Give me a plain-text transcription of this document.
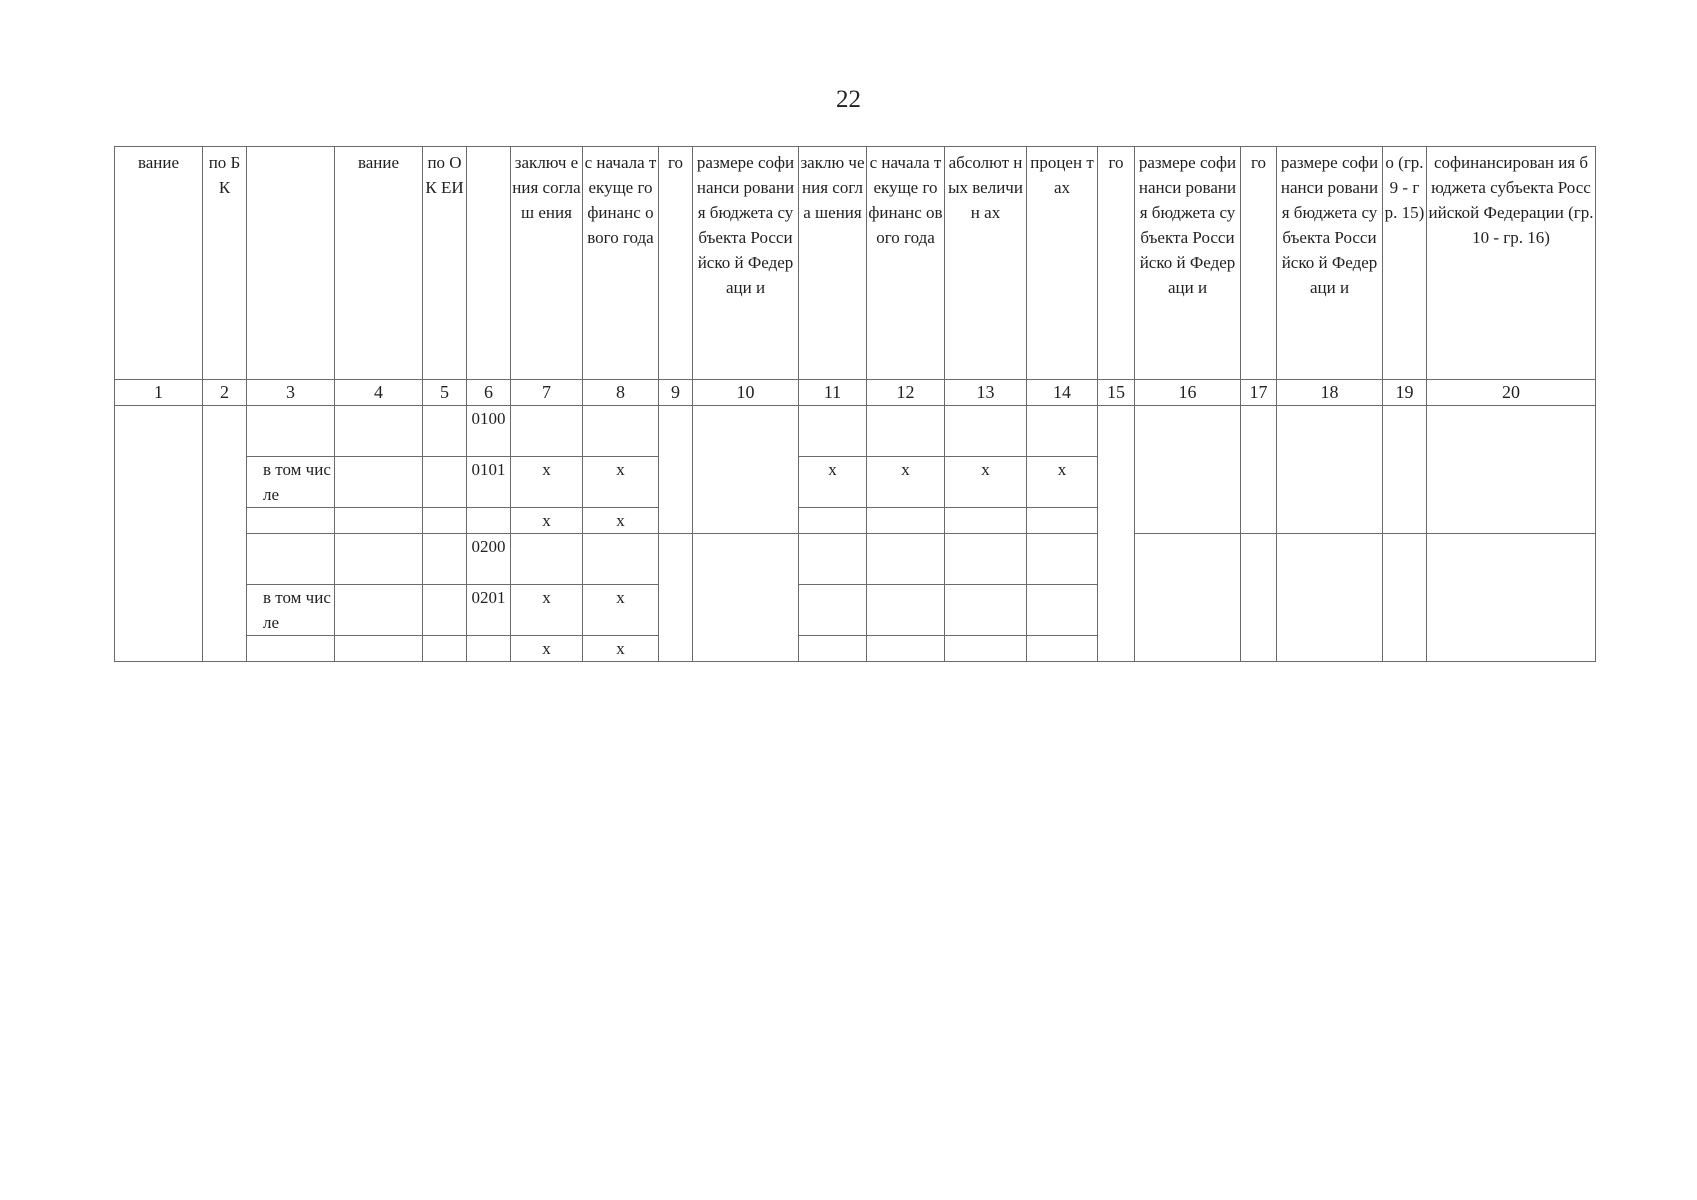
22
вание	по БК		вание	по ОК ЕИ		заключ ения соглаш ения	с начала текуще го финанс ового года	го	размере софинанси рования бюджета субъекта Российско й Федераци и	заклю чения согла шения	с начала текуще го финанс ового года	абсолют ных величин ах	процен тах	го	размере софинанси рования бюджета субъекта Российско й Федераци и	го	размере софинанси рования бюджета субъекта Российско й Федераци и	о (гр. 9 - гр. 15)	софинансирован ия бюджета субъекта Российской Федерации (гр. 10 - гр. 16)
1	2	3	4	5	6	7	8	9	10	11	12	13	14	15	16	17	18	19	20
					0100														
		в том числе			0101	x	x			x	x	x	x						
						x	x												
					0200														
		в том числе			0201	x	x												
						x	x												
